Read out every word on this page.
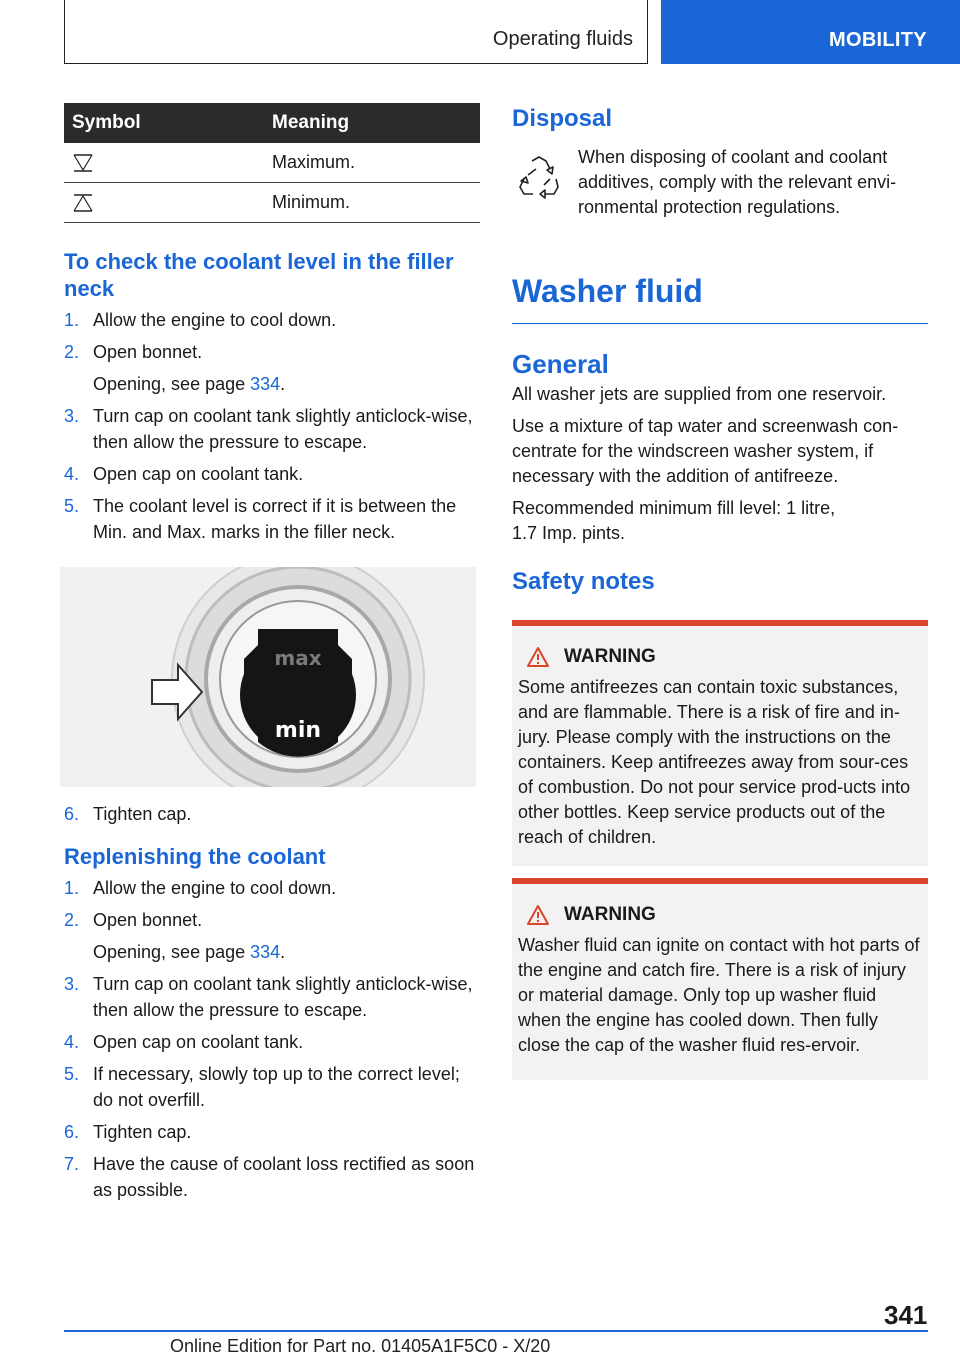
Operating fluids	MOBILITY
Symbol	Meaning
	Maximum.
	Minimum.
To check the coolant level in the filler neck
1. Allow the engine to cool down.
2. Open bonnet.
Opening, see page 334.
3. Turn cap on coolant tank slightly anticlock-wise, then allow the pressure to escape.
4. Open cap on coolant tank.
5. The coolant level is correct if it is between the Min. and Max. marks in the filler neck.
max
min
6. Tighten cap.
Replenishing the coolant
1. Allow the engine to cool down.
2. Open bonnet.
Opening, see page 334.
3. Turn cap on coolant tank slightly anticlock-wise, then allow the pressure to escape.
4. Open cap on coolant tank.
5. If necessary, slowly top up to the correct level; do not overfill.
6. Tighten cap.
7. Have the cause of coolant loss rectified as soon as possible.
Disposal
When disposing of coolant and coolant additives, comply with the relevant envi-ronmental protection regulations.
Washer fluid
General

All washer jets are supplied from one reservoir.

Use a mixture of tap water and screenwash con-centrate for the windscreen washer system, if necessary with the addition of antifreeze.

Recommended minimum fill level: 1 litre, 1.7 Imp. pints.

Safety notes
WARNING
Some antifreezes can contain toxic substances, and are flammable. There is a risk of fire and in-jury. Please comply with the instructions on the containers. Keep antifreezes away from sour-ces of combustion. Do not pour service prod-ucts into other bottles. Keep service products out of the reach of children.
WARNING
Washer fluid can ignite on contact with hot parts of the engine and catch fire. There is a risk of injury or material damage. Only top up washer fluid when the engine has cooled down. Then fully close the cap of the washer fluid res-ervoir.
341
Online Edition for Part no. 01405A1F5C0 - X/20
